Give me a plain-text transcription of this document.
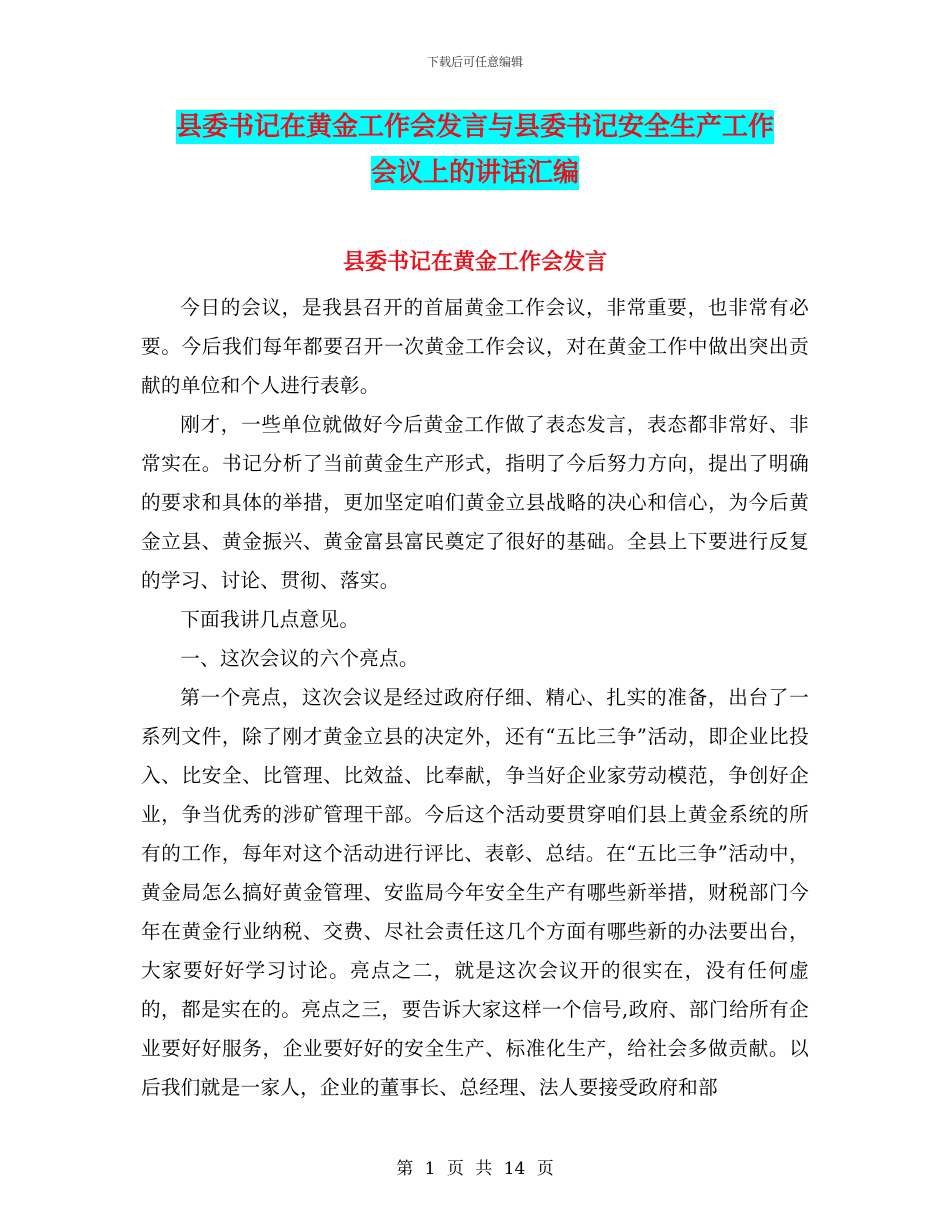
下载后可任意编辑
县委书记在黄金工作会发言与县委书记安全生产工作
会议上的讲话汇编
县委书记在黄金工作会发言

今日的会议，是我县召开的首届黄金工作会议，非常重要，也非常有必要。今后我们每年都要召开一次黄金工作会议，对在黄金工作中做出突出贡献的单位和个人进行表彰。

刚才，一些单位就做好今后黄金工作做了表态发言，表态都非常好、非常实在。书记分析了当前黄金生产形式，指明了今后努力方向，提出了明确的要求和具体的举措，更加坚定咱们黄金立县战略的决心和信心，为今后黄金立县、黄金振兴、黄金富县富民奠定了很好的基础。全县上下要进行反复的学习、讨论、贯彻、落实。

下面我讲几点意见。

一、这次会议的六个亮点。

第一个亮点，这次会议是经过政府仔细、精心、扎实的准备，出台了一系列文件，除了刚才黄金立县的决定外，还有“五比三争”活动，即企业比投入、比安全、比管理、比效益、比奉献，争当好企业家劳动模范，争创好企业，争当优秀的涉矿管理干部。今后这个活动要贯穿咱们县上黄金系统的所有的工作，每年对这个活动进行评比、表彰、总结。在“五比三争”活动中，黄金局怎么搞好黄金管理、安监局今年安全生产有哪些新举措，财税部门今年在黄金行业纳税、交费、尽社会责任这几个方面有哪些新的办法要出台，大家要好好学习讨论。亮点之二，就是这次会议开的很实在，没有任何虚的，都是实在的。亮点之三，要告诉大家这样一个信号,政府、部门给所有企业要好好服务，企业要好好的安全生产、标准化生产，给社会多做贡献。以后我们就是一家人，企业的董事长、总经理、法人要接受政府和部

第 1 页 共 14 页
